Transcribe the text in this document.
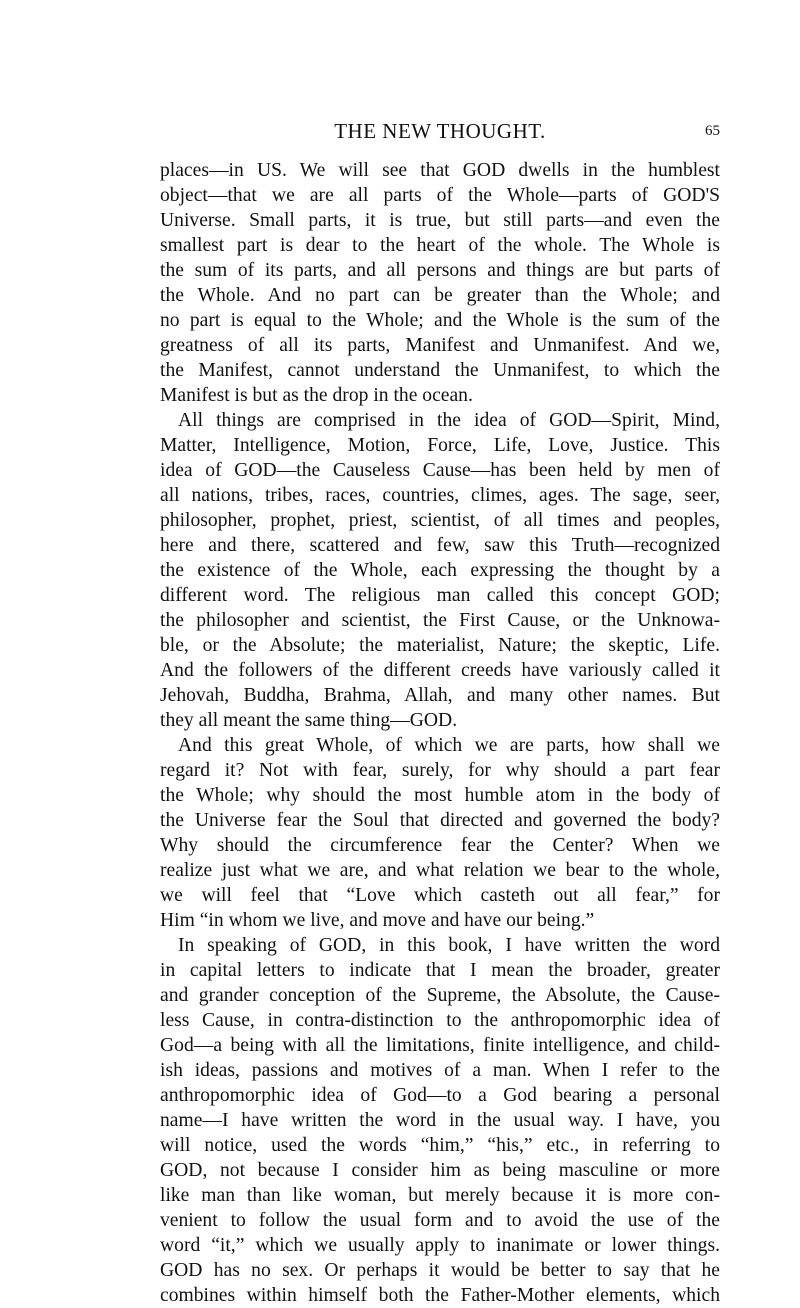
THE NEW THOUGHT.	65
places—in US. We will see that GOD dwells in the humblest
object—that we are all parts of the Whole—parts of GOD'S
Universe. Small parts, it is true, but still parts—and even the
smallest part is dear to the heart of the whole. The Whole is
the sum of its parts, and all persons and things are but parts of
the Whole. And no part can be greater than the Whole; and
no part is equal to the Whole; and the Whole is the sum of the
greatness of all its parts, Manifest and Unmanifest. And we,
the Manifest, cannot understand the Unmanifest, to which the
Manifest is but as the drop in the ocean.
All things are comprised in the idea of GOD—Spirit, Mind,
Matter, Intelligence, Motion, Force, Life, Love, Justice. This
idea of GOD—the Causeless Cause—has been held by men of
all nations, tribes, races, countries, climes, ages. The sage, seer,
philosopher, prophet, priest, scientist, of all times and peoples,
here and there, scattered and few, saw this Truth—recognized
the existence of the Whole, each expressing the thought by a
different word. The religious man called this concept GOD;
the philosopher and scientist, the First Cause, or the Unknowa-
ble, or the Absolute; the materialist, Nature; the skeptic, Life.
And the followers of the different creeds have variously called it
Jehovah, Buddha, Brahma, Allah, and many other names. But
they all meant the same thing—GOD.
And this great Whole, of which we are parts, how shall we
regard it? Not with fear, surely, for why should a part fear
the Whole; why should the most humble atom in the body of
the Universe fear the Soul that directed and governed the body?
Why should the circumference fear the Center? When we
realize just what we are, and what relation we bear to the whole,
we will feel that “Love which casteth out all fear,” for
Him “in whom we live, and move and have our being.”
In speaking of GOD, in this book, I have written the word
in capital letters to indicate that I mean the broader, greater
and grander conception of the Supreme, the Absolute, the Cause-
less Cause, in contra-distinction to the anthropomorphic idea of
God—a being with all the limitations, finite intelligence, and child-
ish ideas, passions and motives of a man. When I refer to the
anthropomorphic idea of God—to a God bearing a personal
name—I have written the word in the usual way. I have, you
will notice, used the words “him,” “his,” etc., in referring to
GOD, not because I consider him as being masculine or more
like man than like woman, but merely because it is more con-
venient to follow the usual form and to avoid the use of the
word “it,” which we usually apply to inanimate or lower things.
GOD has no sex. Or perhaps it would be better to say that he
combines within himself both the Father-Mother elements, which
